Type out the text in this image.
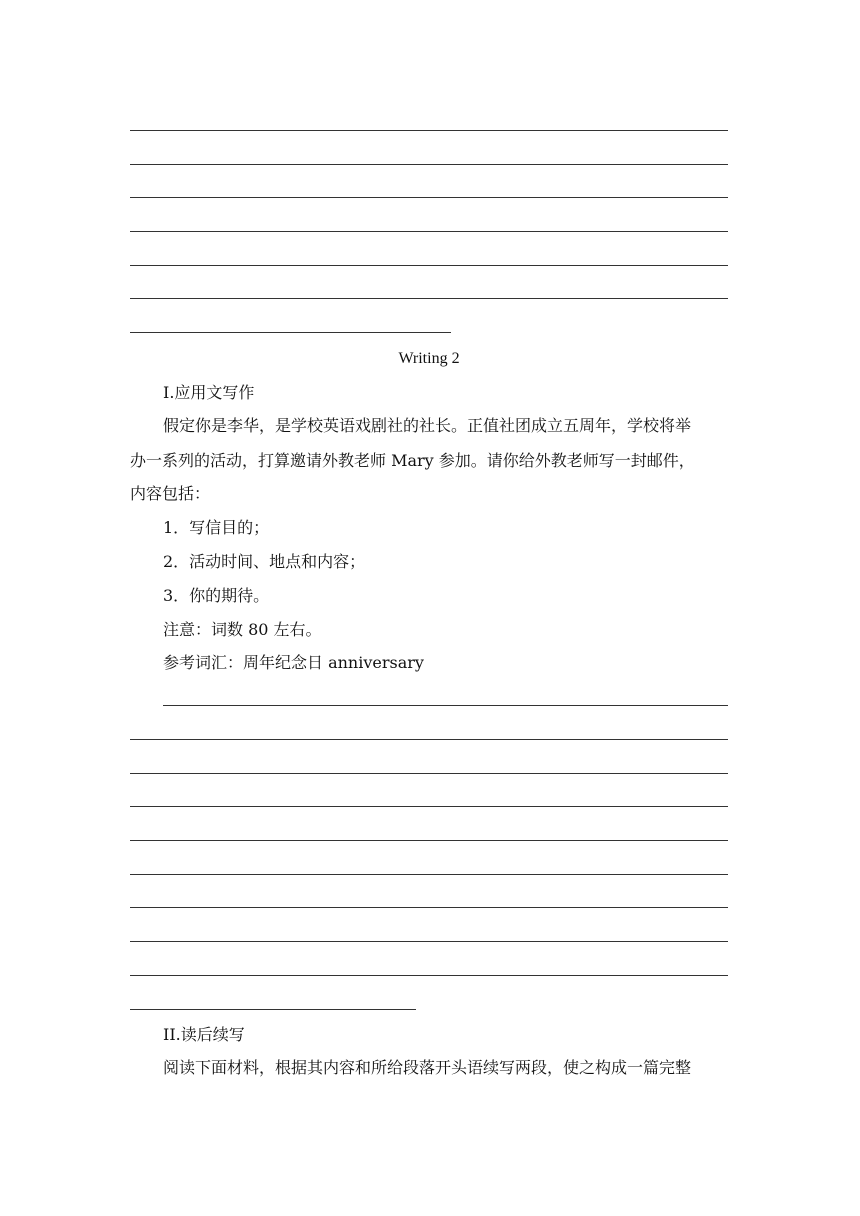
Writing 2
I.应用文写作
假定你是李华，是学校英语戏剧社的社长。正值社团成立五周年，学校将举
办一系列的活动，打算邀请外教老师 Mary 参加。请你给外教老师写一封邮件，
内容包括：
1．写信目的；
2．活动时间、地点和内容；
3．你的期待。
注意：词数 80 左右。
参考词汇：周年纪念日 anniversary
II.读后续写
阅读下面材料，根据其内容和所给段落开头语续写两段，使之构成一篇完整
